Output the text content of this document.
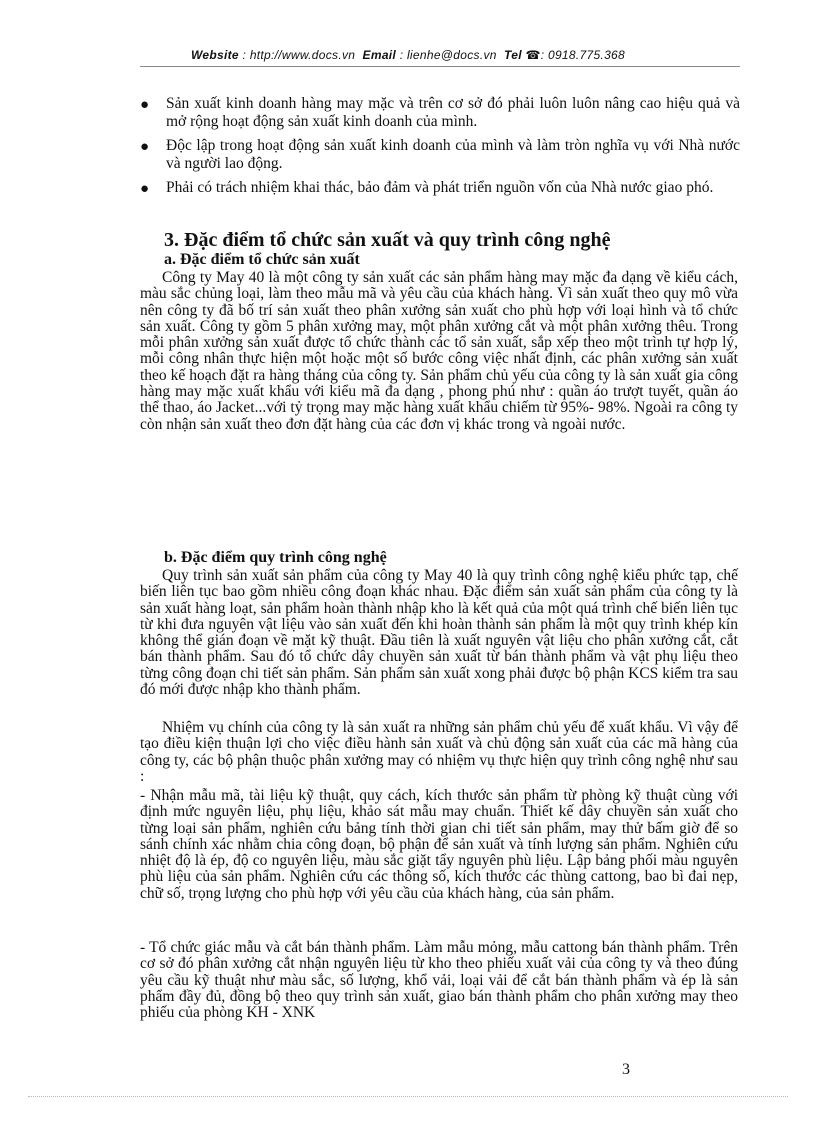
Website : http://www.docs.vn Email : lienhe@docs.vn Tel ☎: 0918.775.368
● Sản xuất kinh doanh hàng may mặc và trên cơ sở đó phải luôn luôn nâng cao hiệu quả và mở rộng hoạt động sản xuất kinh doanh của mình.
● Độc lập trong hoạt động sản xuất kinh doanh của mình và làm tròn nghĩa vụ với Nhà nước và người lao động.
● Phải có trách nhiệm khai thác, bảo đảm và phát triển nguồn vốn của Nhà nước giao phó.
3. Đặc điểm tổ chức sản xuất và quy trình công nghệ
a. Đặc điểm tổ chức sản xuất

Công ty May 40 là một công ty sản xuất các sản phẩm hàng may mặc đa dạng về kiểu cách, màu sắc chủng loại, làm theo mẫu mã và yêu cầu của khách hàng. Vì sản xuất theo quy mô vừa nên công ty đã bố trí sản xuất theo phân xưởng sản xuất cho phù hợp với loại hình và tổ chức sản xuất. Công ty gồm 5 phân xưởng may, một phân xưởng cắt và một phân xưởng thêu. Trong mỗi phân xưởng sản xuất được tổ chức thành các tổ sản xuất, sắp xếp theo một trình tự hợp lý, mỗi công nhân thực hiện một hoặc một số bước công việc nhất định, các phân xưởng sản xuất theo kế hoạch đặt ra hàng tháng của công ty. Sản phẩm chủ yếu của công ty là sản xuất gia công hàng may mặc xuất khẩu với kiểu mã đa dạng , phong phú như : quần áo trượt tuyết, quần áo thể thao, áo Jacket...với tỷ trọng may mặc hàng xuất khẩu chiếm từ 95%- 98%. Ngoài ra công ty còn nhận sản xuất theo đơn đặt hàng của các đơn vị khác trong và ngoài nước.

b. Đặc điểm quy trình công nghệ

Quy trình sản xuất sản phẩm của công ty May 40 là quy trình công nghệ kiểu phức tạp, chế biến liên tục bao gồm nhiều công đoạn khác nhau. Đặc điểm sản xuất sản phẩm của công ty là sản xuất hàng loạt, sản phẩm hoàn thành nhập kho là kết quả của một quá trình chế biến liên tục từ khi đưa nguyên vật liệu vào sản xuất đến khi hoàn thành sản phẩm là một quy trình khép kín không thể gián đoạn về mặt kỹ thuật. Đầu tiên là xuất nguyên vật liệu cho phân xưởng cắt, cắt bán thành phẩm. Sau đó tổ chức dây chuyền sản xuất từ bán thành phẩm và vật phụ liệu theo từng công đoạn chi tiết sản phẩm. Sản phẩm sản xuất xong phải được bộ phận KCS kiểm tra sau đó mới được nhập kho thành phẩm.

Nhiệm vụ chính của công ty là sản xuất ra những sản phẩm chủ yếu để xuất khẩu. Vì vậy để tạo điều kiện thuận lợi cho việc điều hành sản xuất và chủ động sản xuất của các mã hàng của công ty, các bộ phận thuộc phân xưởng may có nhiệm vụ thực hiện quy trình công nghệ như sau :

- Nhận mẫu mã, tài liệu kỹ thuật, quy cách, kích thước sản phẩm từ phòng kỹ thuật cùng với định mức nguyên liệu, phụ liệu, khảo sát mẫu may chuẩn. Thiết kế dây chuyền sản xuất cho từng loại sản phẩm, nghiên cứu bảng tính thời gian chi tiết sản phẩm, may thử bấm giờ để so sánh chính xác nhằm chia công đoạn, bộ phận để sản xuất và tính lượng sản phẩm. Nghiên cứu nhiệt độ là ép, độ co nguyên liệu, màu sắc giặt tẩy nguyên phù liệu. Lập bảng phối màu nguyên phù liệu của sản phẩm. Nghiên cứu các thông số, kích thước các thùng cattong, bao bì đai nẹp, chữ số, trọng lượng cho phù hợp với yêu cầu của khách hàng, của sản phẩm.

- Tổ chức giác mẫu và cắt bán thành phẩm. Làm mẫu mỏng, mẫu cattong bán thành phẩm. Trên cơ sở đó phân xưởng cắt nhận nguyên liệu từ kho theo phiếu xuất vải của công ty và theo đúng yêu cầu kỹ thuật như màu sắc, số lượng, khổ vải, loại vải để cắt bán thành phẩm và ép là sản phẩm đầy đủ, đồng bộ theo quy trình sản xuất, giao bán thành phẩm cho phân xưởng may theo phiếu của phòng KH - XNK

3
